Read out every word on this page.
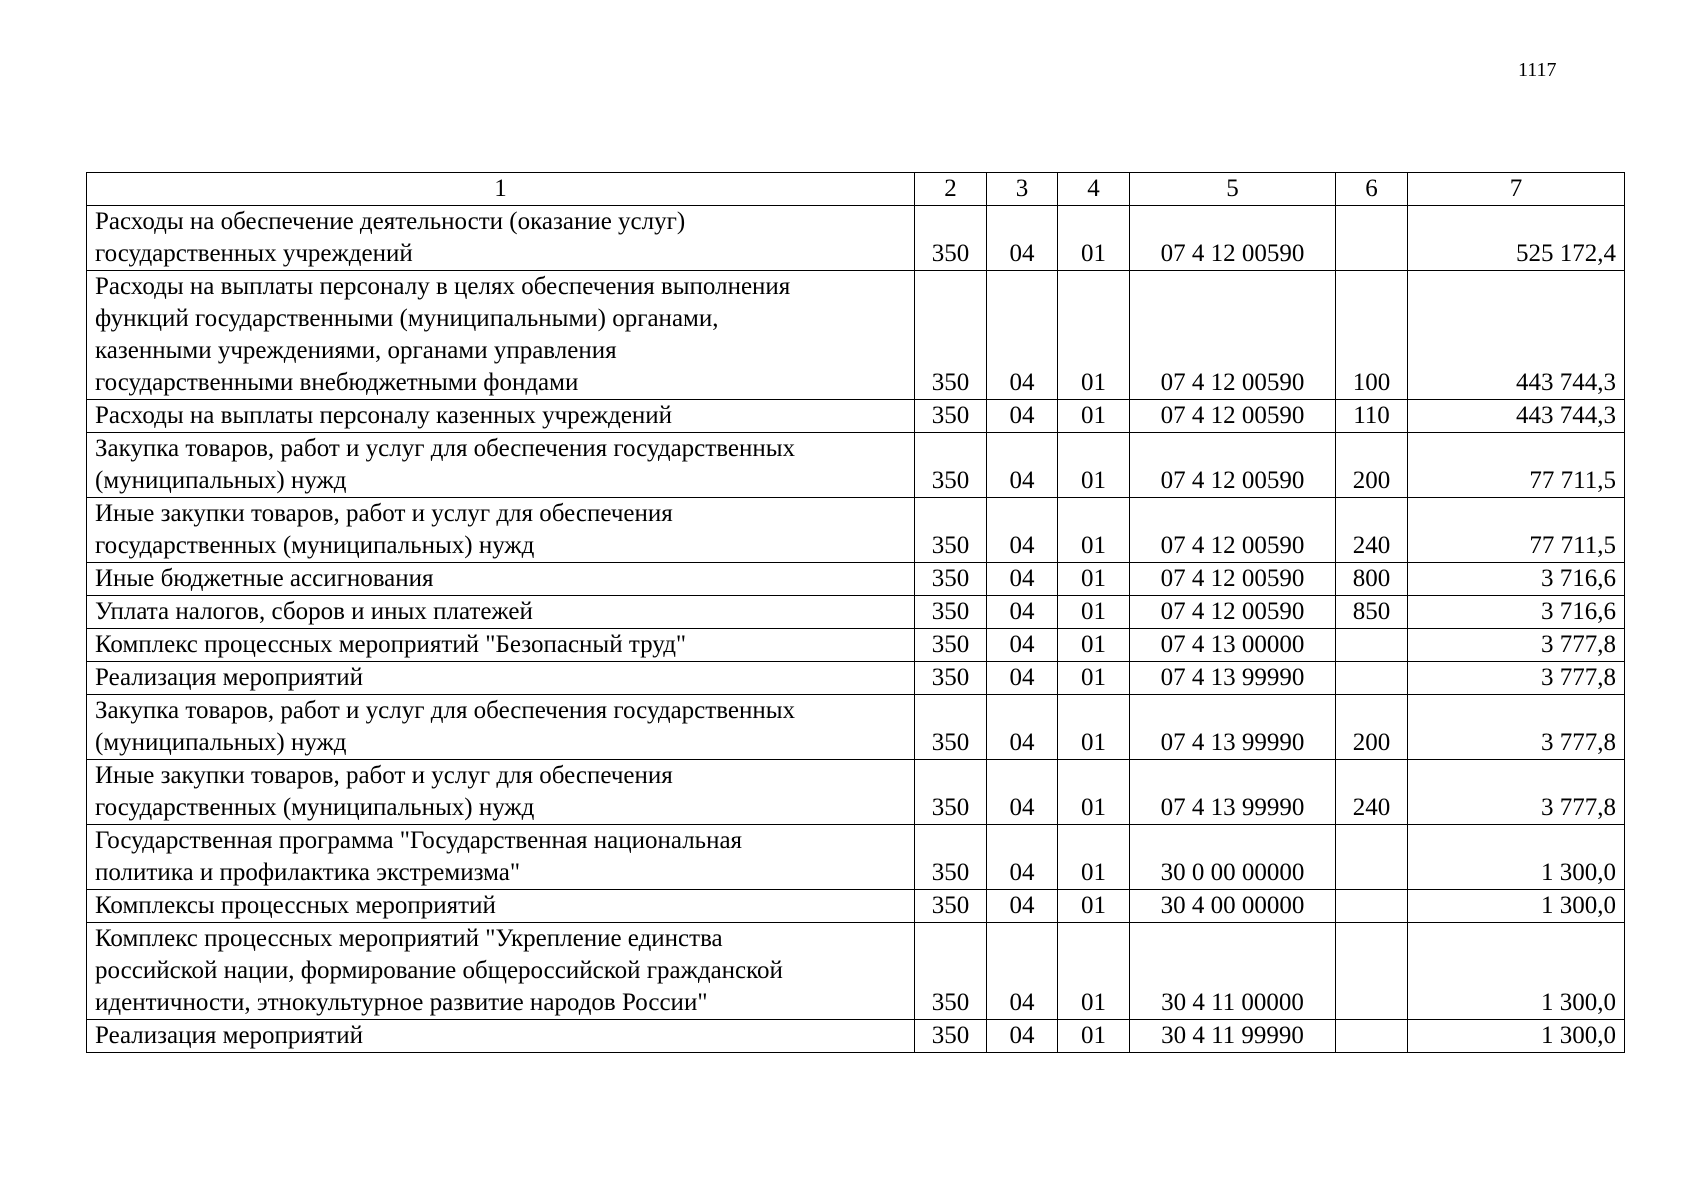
1117
1	2	3	4	5	6	7

Расходы на обеспечение деятельности (оказание услуг)
государственных учреждений	350	04	01	07 4 12 00590		525 172,4

Расходы на выплаты персоналу в целях обеспечения выполнения
функций государственными (муниципальными) органами,
казенными учреждениями, органами управления
государственными внебюджетными фондами	350	04	01	07 4 12 00590	100	443 744,3

Расходы на выплаты персоналу казенных учреждений	350	04	01	07 4 12 00590	110	443 744,3

Закупка товаров, работ и услуг для обеспечения государственных
(муниципальных) нужд	350	04	01	07 4 12 00590	200	77 711,5

Иные закупки товаров, работ и услуг для обеспечения
государственных (муниципальных) нужд	350	04	01	07 4 12 00590	240	77 711,5

Иные бюджетные ассигнования	350	04	01	07 4 12 00590	800	3 716,6

Уплата налогов, сборов и иных платежей	350	04	01	07 4 12 00590	850	3 716,6

Комплекс процессных мероприятий "Безопасный труд"	350	04	01	07 4 13 00000		3 777,8

Реализация мероприятий	350	04	01	07 4 13 99990		3 777,8

Закупка товаров, работ и услуг для обеспечения государственных
(муниципальных) нужд	350	04	01	07 4 13 99990	200	3 777,8

Иные закупки товаров, работ и услуг для обеспечения
государственных (муниципальных) нужд	350	04	01	07 4 13 99990	240	3 777,8

Государственная программа "Государственная национальная
политика и профилактика экстремизма"	350	04	01	30 0 00 00000		1 300,0

Комплексы процессных мероприятий	350	04	01	30 4 00 00000		1 300,0

Комплекс процессных мероприятий "Укрепление единства
российской нации, формирование общероссийской гражданской
идентичности, этнокультурное развитие народов России"	350	04	01	30 4 11 00000		1 300,0

Реализация мероприятий	350	04	01	30 4 11 99990		1 300,0
